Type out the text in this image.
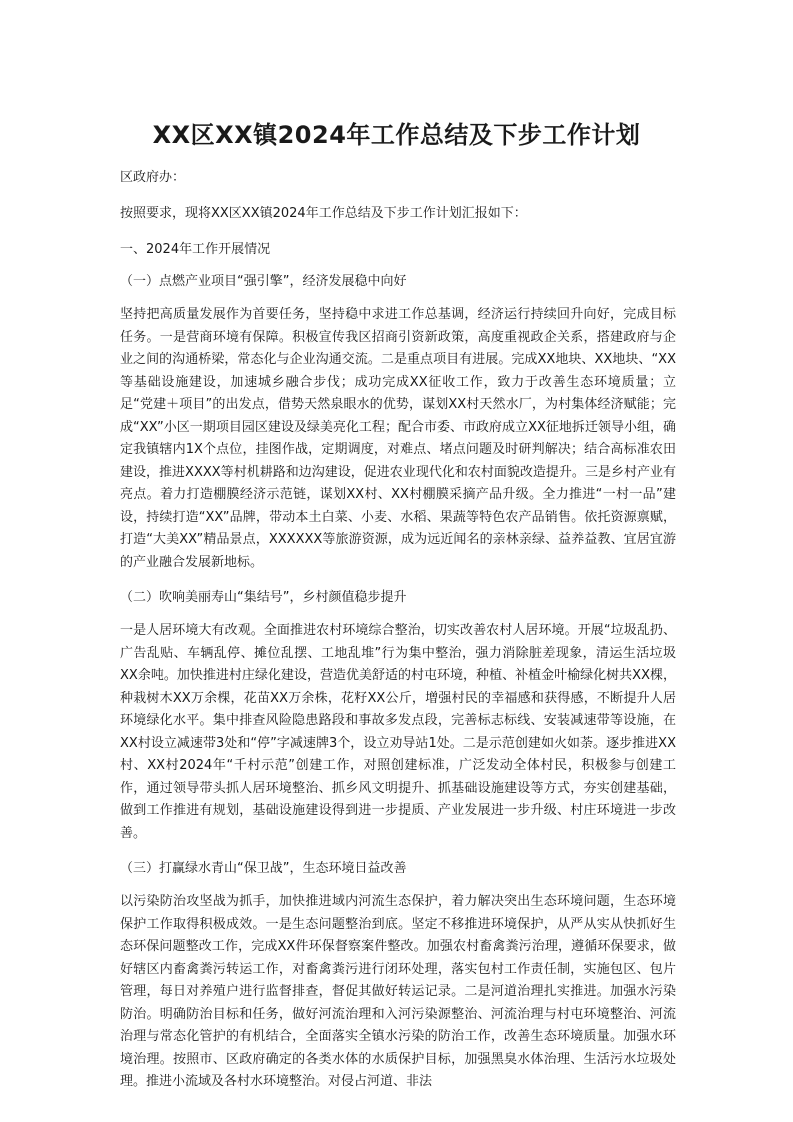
XX区XX镇2024年工作总结及下步工作计划

区政府办：

按照要求，现将XX区XX镇2024年工作总结及下步工作计划汇报如下：

一、2024年工作开展情况

（一）点燃产业项目“强引擎”，经济发展稳中向好

坚持把高质量发展作为首要任务，坚持稳中求进工作总基调，经济运行持续回升向好，完成目标任务。一是营商环境有保障。积极宣传我区招商引资新政策，高度重视政企关系，搭建政府与企业之间的沟通桥梁，常态化与企业沟通交流。二是重点项目有进展。完成XX地块、XX地块、“XX等基础设施建设，加速城乡融合步伐；成功完成XX征收工作，致力于改善生态环境质量；立足“党建＋项目”的出发点，借势天然泉眼水的优势，谋划XX村天然水厂，为村集体经济赋能；完成“XX”小区一期项目园区建设及绿美亮化工程；配合市委、市政府成立XX征地拆迁领导小组，确定我镇辖内1X个点位，挂图作战，定期调度，对难点、堵点问题及时研判解决；结合高标准农田建设，推进XXXX等村机耕路和边沟建设，促进农业现代化和农村面貌改造提升。三是乡村产业有亮点。着力打造棚膜经济示范链，谋划XX村、XX村棚膜采摘产品升级。全力推进“一村一品”建设，持续打造“XX”品牌，带动本土白菜、小麦、水稻、果蔬等特色农产品销售。依托资源禀赋，打造“大美XX”精品景点，XXXXXX等旅游资源，成为远近闻名的亲林亲绿、益养益教、宜居宜游的产业融合发展新地标。

（二）吹响美丽寿山“集结号”，乡村颜值稳步提升

一是人居环境大有改观。全面推进农村环境综合整治，切实改善农村人居环境。开展“垃圾乱扔、广告乱贴、车辆乱停、摊位乱摆、工地乱堆”行为集中整治，强力消除脏差现象，清运生活垃圾XX余吨。加快推进村庄绿化建设，营造优美舒适的村屯环境，种植、补植金叶榆绿化树共XX棵，种栽树木XX万余棵，花苗XX万余株，花籽XX公斤，增强村民的幸福感和获得感，不断提升人居环境绿化水平。集中排查风险隐患路段和事故多发点段，完善标志标线、安装减速带等设施，在XX村设立减速带3处和“停”字减速牌3个，设立劝导站1处。二是示范创建如火如荼。逐步推进XX村、XX村2024年“千村示范”创建工作，对照创建标准，广泛发动全体村民，积极参与创建工作，通过领导带头抓人居环境整治、抓乡风文明提升、抓基础设施建设等方式，夯实创建基础，做到工作推进有规划，基础设施建设得到进一步提质、产业发展进一步升级、村庄环境进一步改善。

（三）打赢绿水青山“保卫战”，生态环境日益改善

以污染防治攻坚战为抓手，加快推进域内河流生态保护，着力解决突出生态环境问题，生态环境保护工作取得积极成效。一是生态问题整治到底。坚定不移推进环境保护，从严从实从快抓好生态环保问题整改工作，完成XX件环保督察案件整改。加强农村畜禽粪污治理，遵循环保要求，做好辖区内畜禽粪污转运工作，对畜禽粪污进行闭环处理，落实包村工作责任制，实施包区、包片管理，每日对养殖户进行监督排查，督促其做好转运记录。二是河道治理扎实推进。加强水污染防治。明确防治目标和任务，做好河流治理和入河污染源整治、河流治理与村屯环境整治、河流治理与常态化管护的有机结合，全面落实全镇水污染的防治工作，改善生态环境质量。加强水环境治理。按照市、区政府确定的各类水体的水质保护目标，加强黑臭水体治理、生活污水垃圾处理。推进小流域及各村水环境整治。对侵占河道、非法
